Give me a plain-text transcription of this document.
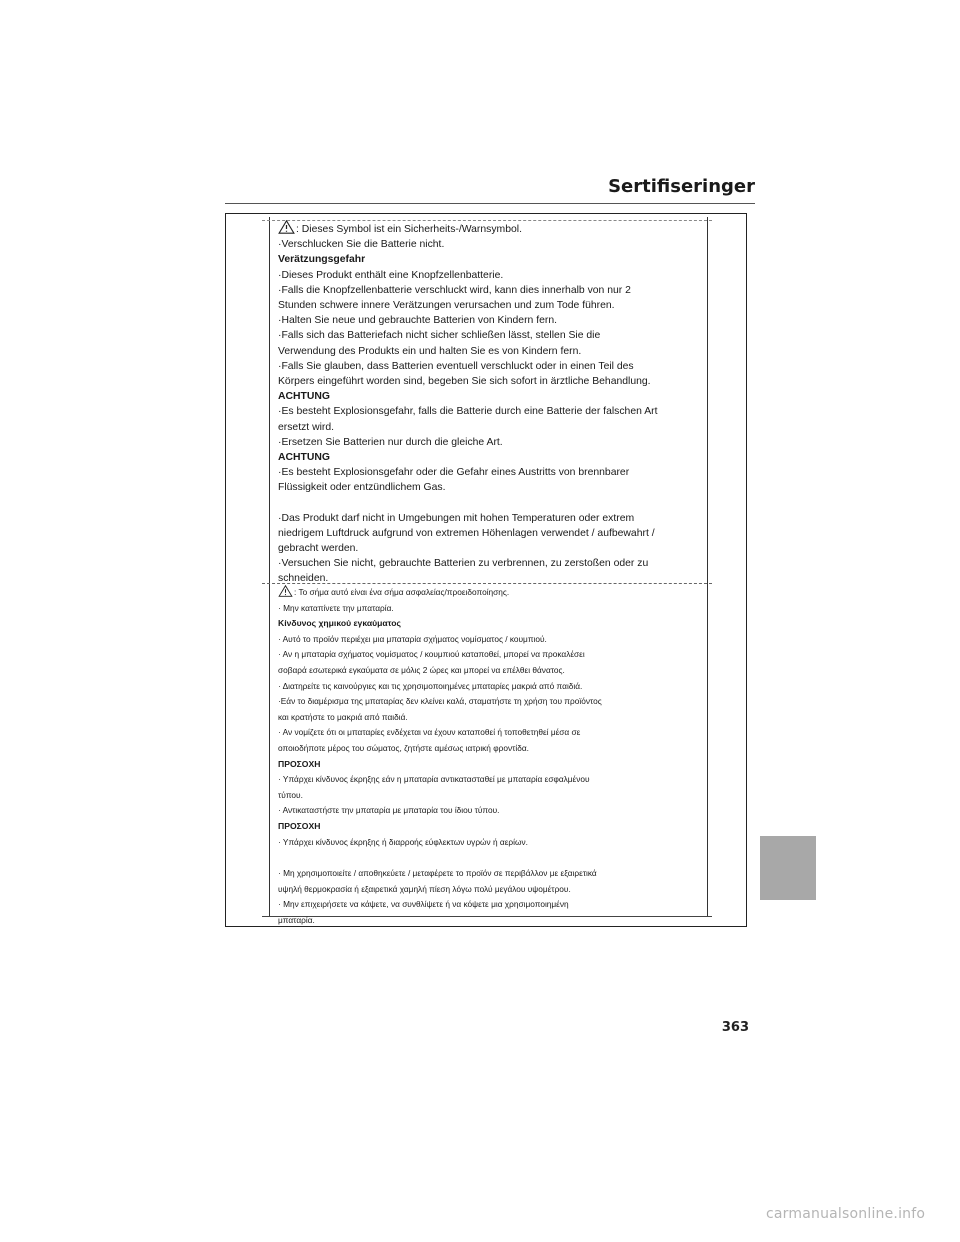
Sertifiseringer
: Dieses Symbol ist ein Sicherheits-/Warnsymbol.
·Verschlucken Sie die Batterie nicht.
Verätzungsgefahr
·Dieses Produkt enthält eine Knopfzellenbatterie.
·Falls die Knopfzellenbatterie verschluckt wird, kann dies innerhalb von nur 2
Stunden schwere innere Verätzungen verursachen und zum Tode führen.
·Halten Sie neue und gebrauchte Batterien von Kindern fern.
·Falls sich das Batteriefach nicht sicher schließen lässt, stellen Sie die
Verwendung des Produkts ein und halten Sie es von Kindern fern.
·Falls Sie glauben, dass Batterien eventuell verschluckt oder in einen Teil des
Körpers eingeführt worden sind, begeben Sie sich sofort in ärztliche Behandlung.
ACHTUNG
·Es besteht Explosionsgefahr, falls die Batterie durch eine Batterie der falschen Art
ersetzt wird.
·Ersetzen Sie Batterien nur durch die gleiche Art.
ACHTUNG
·Es besteht Explosionsgefahr oder die Gefahr eines Austritts von brennbarer
Flüssigkeit oder entzündlichem Gas.
·Das Produkt darf nicht in Umgebungen mit hohen Temperaturen oder extrem
niedrigem Luftdruck aufgrund von extremen Höhenlagen verwendet / aufbewahrt /
gebracht werden.
·Versuchen Sie nicht, gebrauchte Batterien zu verbrennen, zu zerstoßen oder zu
schneiden.
: Το σήμα αυτό είναι ένα σήμα ασφαλείας/προειδοποίησης.
· Μην καταπίνετε την μπαταρία.
Κίνδυνος χημικού εγκαύματος
· Αυτό το προϊόν περιέχει μια μπαταρία σχήματος νομίσματος / κουμπιού.
· Αν η μπαταρία σχήματος νομίσματος / κουμπιού καταποθεί, μπορεί να προκαλέσει
σοβαρά εσωτερικά εγκαύματα σε μόλις 2 ώρες και μπορεί να επέλθει θάνατος.
· Διατηρείτε τις καινούργιες και τις χρησιμοποιημένες μπαταρίες μακριά από παιδιά.
·Εάν το διαμέρισμα της μπαταρίας δεν κλείνει καλά, σταματήστε τη χρήση του προϊόντος
και κρατήστε το μακριά από παιδιά.
· Αν νομίζετε ότι οι μπαταρίες ενδέχεται να έχουν καταποθεί ή τοποθετηθεί μέσα σε
οποιοδήποτε μέρος του σώματος, ζητήστε αμέσως ιατρική φροντίδα.
ΠΡΟΣΟΧΗ
· Υπάρχει κίνδυνος έκρηξης εάν η μπαταρία αντικατασταθεί με μπαταρία εσφαλμένου
τύπου.
· Αντικαταστήστε την μπαταρία με μπαταρία του ίδιου τύπου.
ΠΡΟΣΟΧΗ
· Υπάρχει κίνδυνος έκρηξης ή διαρροής εύφλεκτων υγρών ή αερίων.
· Μη χρησιμοποιείτε / αποθηκεύετε / μεταφέρετε το προϊόν σε περιβάλλον με εξαιρετικά
υψηλή θερμοκρασία ή εξαιρετικά χαμηλή πίεση λόγω πολύ μεγάλου υψομέτρου.
· Μην επιχειρήσετε να κάψετε, να συνθλίψετε ή να κόψετε μια χρησιμοποιημένη
μπαταρία.
363
carmanualsonline.info
